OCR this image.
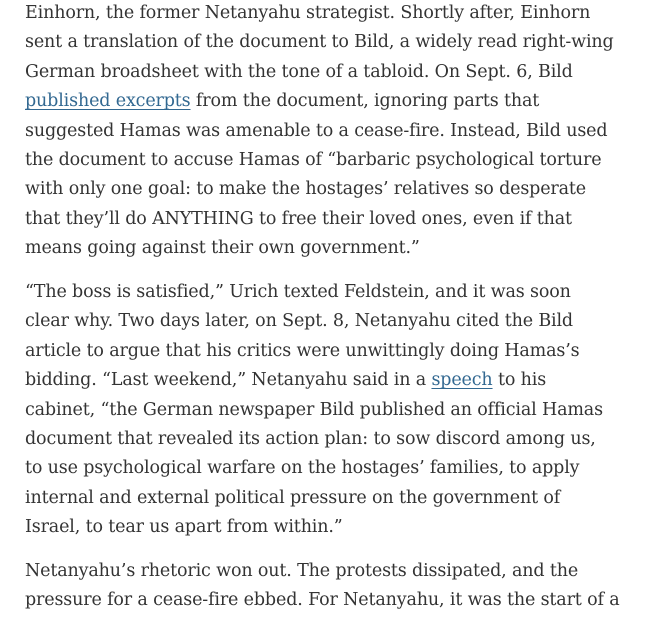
Einhorn, the former Netanyahu strategist. Shortly after, Einhorn
sent a translation of the document to Bild, a widely read right-wing
German broadsheet with the tone of a tabloid. On Sept. 6, Bild
published excerpts from the document, ignoring parts that
suggested Hamas was amenable to a cease-fire. Instead, Bild used
the document to accuse Hamas of “barbaric psychological torture
with only one goal: to make the hostages’ relatives so desperate
that they’ll do ANYTHING to free their loved ones, even if that
means going against their own government.”
“The boss is satisfied,” Urich texted Feldstein, and it was soon
clear why. Two days later, on Sept. 8, Netanyahu cited the Bild
article to argue that his critics were unwittingly doing Hamas’s
bidding. “Last weekend,” Netanyahu said in a speech to his
cabinet, “the German newspaper Bild published an official Hamas
document that revealed its action plan: to sow discord among us,
to use psychological warfare on the hostages’ families, to apply
internal and external political pressure on the government of
Israel, to tear us apart from within.”
Netanyahu’s rhetoric won out. The protests dissipated, and the
pressure for a cease-fire ebbed. For Netanyahu, it was the start of a
